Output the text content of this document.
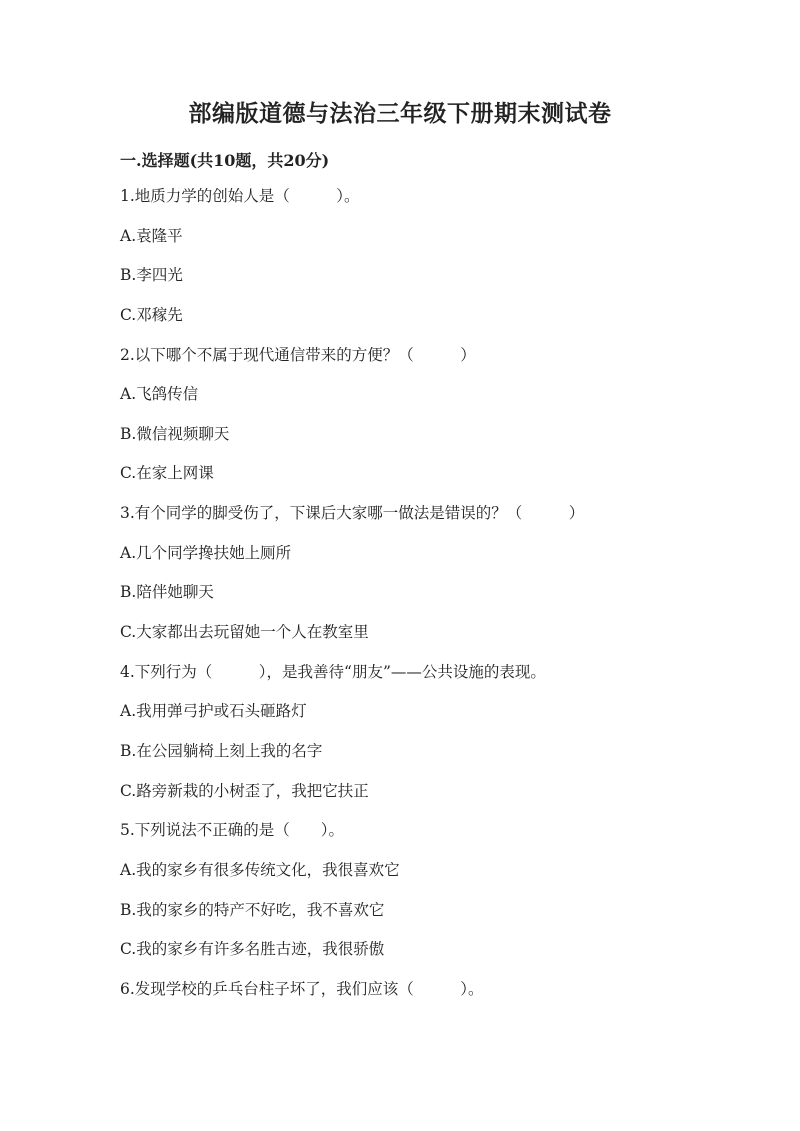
部编版道德与法治三年级下册期末测试卷
一.选择题(共10题，共20分)
1.地质力学的创始人是（　　　）。
A.袁隆平
B.李四光
C.邓稼先
2.以下哪个不属于现代通信带来的方便？（　　　）
A.飞鸽传信
B.微信视频聊天
C.在家上网课
3.有个同学的脚受伤了，下课后大家哪一做法是错误的？（　　　）
A.几个同学搀扶她上厕所
B.陪伴她聊天
C.大家都出去玩留她一个人在教室里
4.下列行为（　　　），是我善待“朋友”——公共设施的表现。
A.我用弹弓护或石头砸路灯
B.在公园躺椅上刻上我的名字
C.路旁新栽的小树歪了，我把它扶正
5.下列说法不正确的是（　　）。
A.我的家乡有很多传统文化，我很喜欢它
B.我的家乡的特产不好吃，我不喜欢它
C.我的家乡有许多名胜古迹，我很骄傲
6.发现学校的乒乓台柱子坏了，我们应该（　　　）。
